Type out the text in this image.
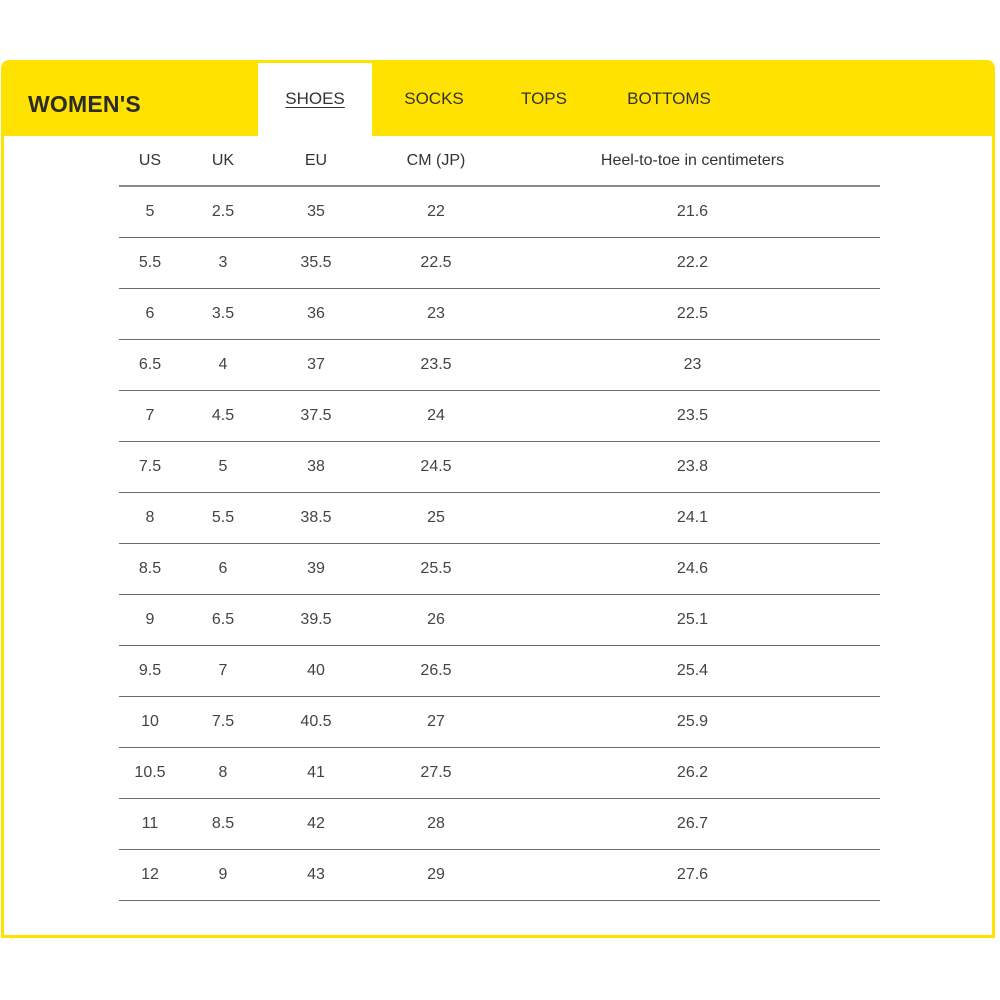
WOMEN'S	SHOES	SOCKS	TOPS	BOTTOMS
US	UK	EU	CM (JP)	Heel-to-toe in centimeters
5	2.5	35	22	21.6
5.5	3	35.5	22.5	22.2
6	3.5	36	23	22.5
6.5	4	37	23.5	23
7	4.5	37.5	24	23.5
7.5	5	38	24.5	23.8
8	5.5	38.5	25	24.1
8.5	6	39	25.5	24.6
9	6.5	39.5	26	25.1
9.5	7	40	26.5	25.4
10	7.5	40.5	27	25.9
10.5	8	41	27.5	26.2
11	8.5	42	28	26.7
12	9	43	29	27.6
